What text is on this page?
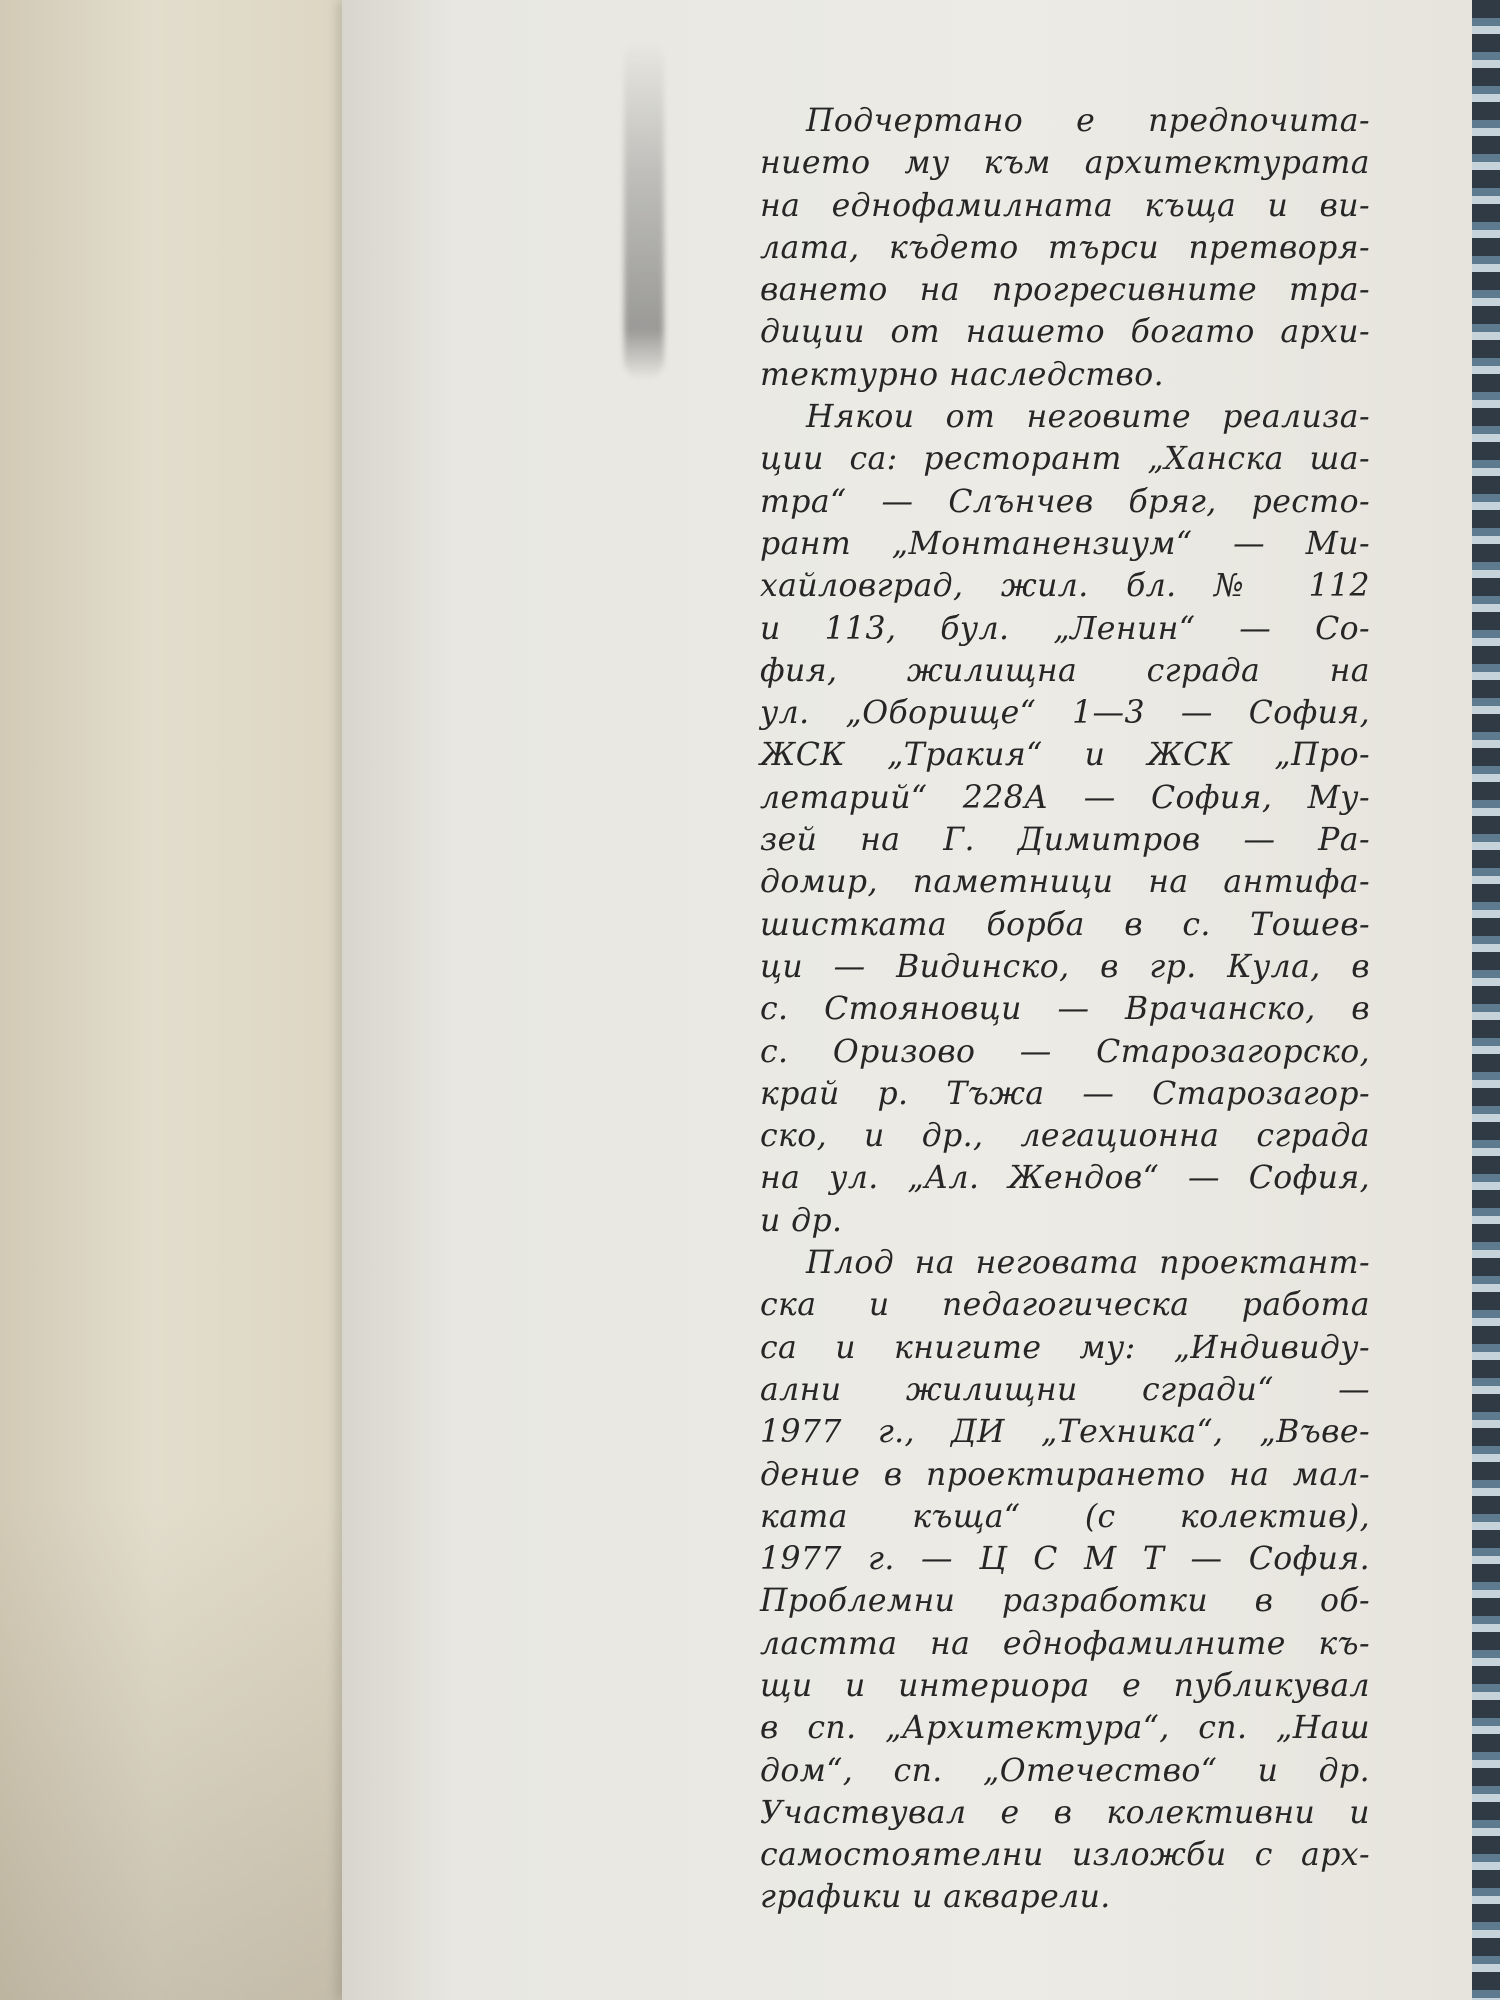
Подчертано е предпочита-
нието му към архитектурата
на еднофамилната къща и ви-
лата, където търси претворя-
ването на прогресивните тра-
диции от нашето богато архи-
тектурно наследство.
Някои от неговите реализа-
ции са: ресторант „Ханска ша-
тра“ — Слънчев бряг, ресто-
рант „Монтанензиум“ — Ми-
хайловград, жил. бл. № 112
и 113, бул. „Ленин“ — Со-
фия, жилищна сграда на
ул. „Оборище“ 1—3 — София,
ЖСК „Тракия“ и ЖСК „Про-
летарий“ 228А — София, Му-
зей на Г. Димитров — Ра-
домир, паметници на антифа-
шистката борба в с. Тошев-
ци — Видинско, в гр. Кула, в
с. Стояновци — Врачанско, в
с. Оризово — Старозагорско,
край р. Тъжа — Старозагор-
ско, и др., легационна сграда
на ул. „Ал. Жендов“ — София,
и др.
Плод на неговата проектант-
ска и педагогическа работа
са и книгите му: „Индивиду-
ални жилищни сгради“ —
1977 г., ДИ „Техника“, „Въве-
дение в проектирането на мал-
ката къща“ (с колектив),
1977 г. — Ц С М Т — София.
Проблемни разработки в об-
ластта на еднофамилните къ-
щи и интериора е публикувал
в сп. „Архитектура“, сп. „Наш
дом“, сп. „Отечество“ и др.
Участвувал е в колективни и
самостоятелни изложби с арх-
графики и акварели.
